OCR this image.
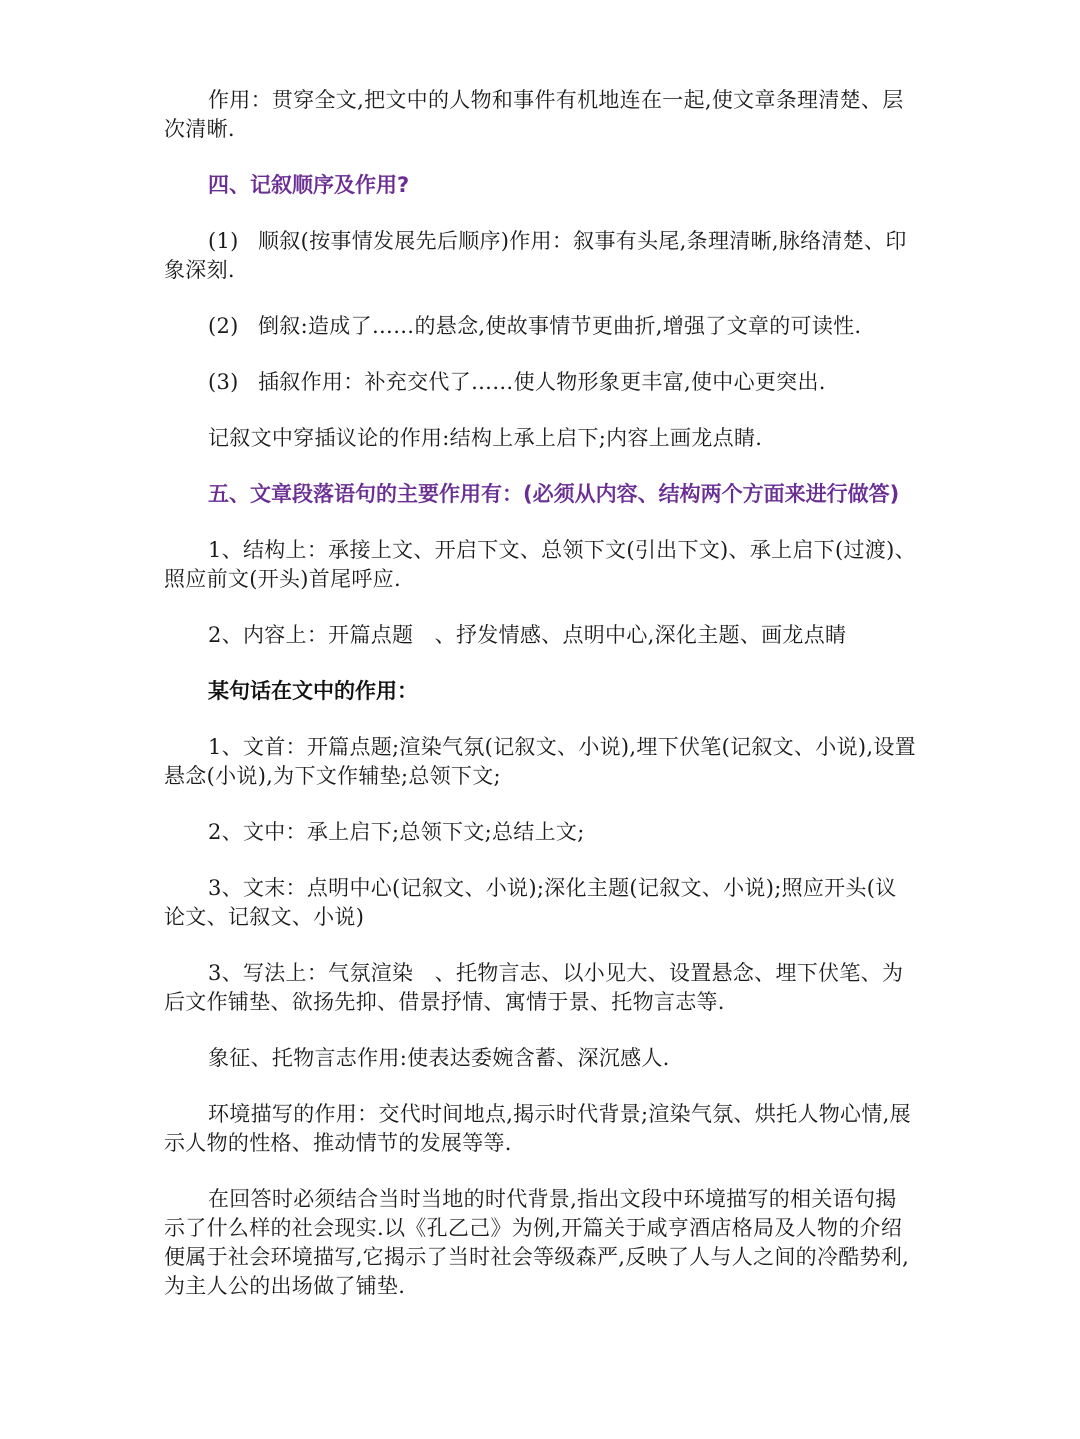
作用：贯穿全文,把文中的人物和事件有机地连在一起,使文章条理清楚、层次清晰.

四、记叙顺序及作用?

(1) 顺叙(按事情发展先后顺序)作用：叙事有头尾,条理清晰,脉络清楚、印象深刻.

(2) 倒叙:造成了……的悬念,使故事情节更曲折,增强了文章的可读性.

(3) 插叙作用：补充交代了……使人物形象更丰富,使中心更突出.

记叙文中穿插议论的作用:结构上承上启下;内容上画龙点睛.

五、文章段落语句的主要作用有：(必须从内容、结构两个方面来进行做答)

1、结构上：承接上文、开启下文、总领下文(引出下文)、承上启下(过渡)、照应前文(开头)首尾呼应.

2、内容上：开篇点题　、抒发情感、点明中心,深化主题、画龙点睛

某句话在文中的作用：

1、文首：开篇点题;渲染气氛(记叙文、小说),埋下伏笔(记叙文、小说),设置悬念(小说),为下文作辅垫;总领下文;

2、文中：承上启下;总领下文;总结上文;

3、文末：点明中心(记叙文、小说);深化主题(记叙文、小说);照应开头(议论文、记叙文、小说)

3、写法上：气氛渲染　、托物言志、以小见大、设置悬念、埋下伏笔、为后文作铺垫、欲扬先抑、借景抒情、寓情于景、托物言志等.

象征、托物言志作用:使表达委婉含蓄、深沉感人.

环境描写的作用：交代时间地点,揭示时代背景;渲染气氛、烘托人物心情,展示人物的性格、推动情节的发展等等.

在回答时必须结合当时当地的时代背景,指出文段中环境描写的相关语句揭示了什么样的社会现实.以《孔乙己》为例,开篇关于咸亨酒店格局及人物的介绍便属于社会环境描写,它揭示了当时社会等级森严,反映了人与人之间的冷酷势利,为主人公的出场做了铺垫.
